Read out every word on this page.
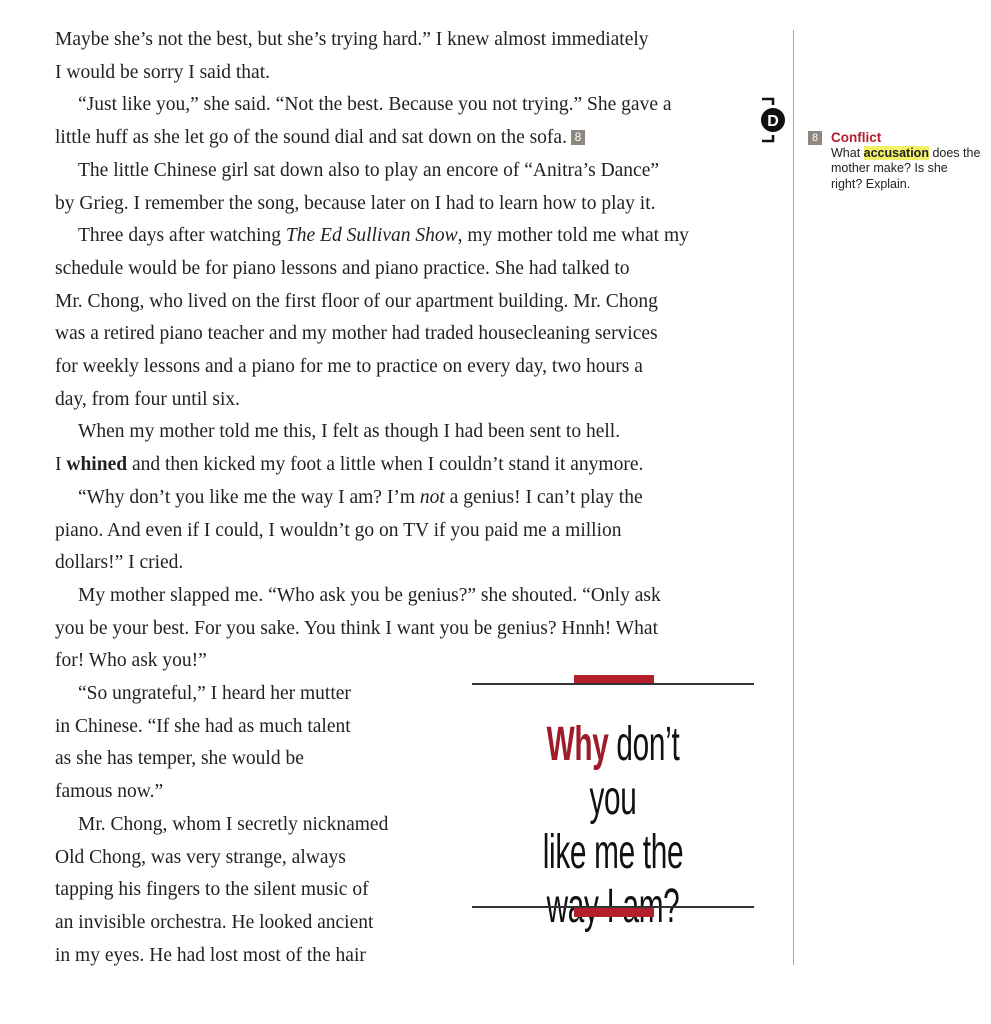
Maybe she’s not the best, but she’s trying hard.” I knew almost immediately
I would be sorry I said that.
“Just like you,” she said. “Not the best. Because you not trying.” She gave a
little huff as she let go of the sound dial and sat down on the sofa. 8
The little Chinese girl sat down also to play an encore of “Anitra’s Dance”
by Grieg. I remember the song, because later on I had to learn how to play it.
Three days after watching The Ed Sullivan Show, my mother told me what my
schedule would be for piano lessons and piano practice. She had talked to
Mr. Chong, who lived on the first floor of our apartment building. Mr. Chong
was a retired piano teacher and my mother had traded housecleaning services
for weekly lessons and a piano for me to practice on every day, two hours a
day, from four until six.
When my mother told me this, I felt as though I had been sent to hell.
I whined and then kicked my foot a little when I couldn’t stand it anymore.
“Why don’t you like me the way I am? I’m not a genius! I can’t play the
piano. And even if I could, I wouldn’t go on TV if you paid me a million
dollars!” I cried.
My mother slapped me. “Who ask you be genius?” she shouted. “Only ask
you be your best. For you sake. You think I want you be genius? Hnnh! What
for! Who ask you!”
“So ungrateful,” I heard her mutter
in Chinese. “If she had as much talent
as she has temper, she would be
famous now.”
Mr. Chong, whom I secretly nicknamed
Old Chong, was very strange, always
tapping his fingers to the silent music of
an invisible orchestra. He looked ancient
in my eyes. He had lost most of the hair
D
8 Conflict
What accusation does the mother make? Is she right? Explain.
Why don’t you
like me the
